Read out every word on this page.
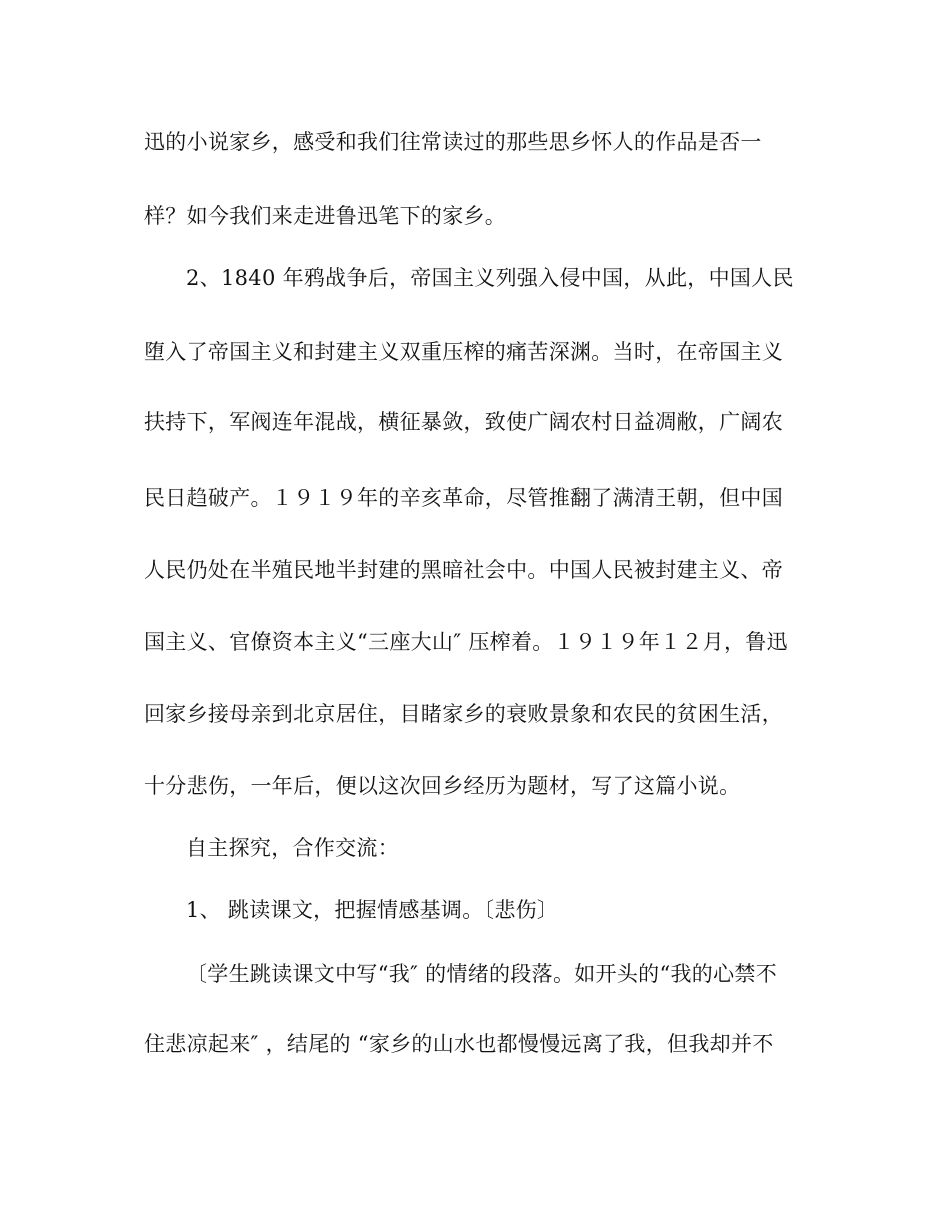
迅的小说家乡，感受和我们往常读过的那些思乡怀人的作品是否一
样？如今我们来走进鲁迅笔下的家乡。
2、1840 年鸦战争后，帝国主义列强入侵中国，从此，中国人民
堕入了帝国主义和封建主义双重压榨的痛苦深渊。当时，在帝国主义
扶持下，军阀连年混战，横征暴敛，致使广阔农村日益凋敝，广阔农
民日趋破产。１９１９年的辛亥革命，尽管推翻了满清王朝，但中国
人民仍处在半殖民地半封建的黑暗社会中。中国人民被封建主义、帝
国主义、官僚资本主义“三座大山″ 压榨着。１９１９年１２月，鲁迅
回家乡接母亲到北京居住，目睹家乡的衰败景象和农民的贫困生活，
十分悲伤，一年后，便以这次回乡经历为题材，写了这篇小说。
自主探究，合作交流：
1、 跳读课文，把握情感基调。〔悲伤〕
〔学生跳读课文中写“我″ 的情绪的段落。如开头的“我的心禁不
住悲凉起来″ ，结尾的 “家乡的山水也都慢慢远离了我，但我却并不
